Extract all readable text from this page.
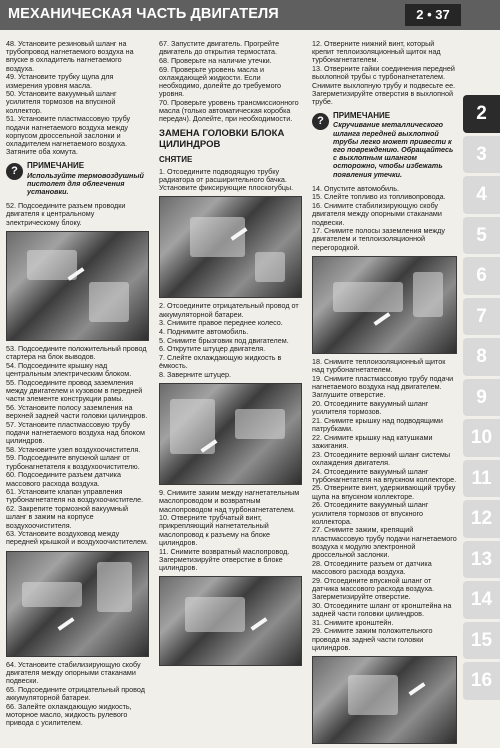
МЕХАНИЧЕСКАЯ ЧАСТЬ ДВИГАТЕЛЯ	2 • 37
48. Установите резиновый шланг на трубопровод нагнетаемого воздуха на впуске в охладитель нагнетаемого воздуха.
49. Установите трубку щупа для измерения уровня масла.
50. Установите вакуумный шланг усилителя тормозов на впускной коллектор.
51. Установите пластмассовую трубу подачи нагнетаемого воздуха между корпусом дроссельной заслонки и охладителем нагнетаемого воздуха. Затяните оба хомута.
?	ПРИМЕЧАНИЕ
Используйте термовоздушный пистолет для облегчения установки.
52. Подсоедините разъем проводки двигателя к центральному электрическому блоку.
53. Подсоедините положительный провод стартера на блок выводов.
54. Подсоедините крышку над центральным электрическим блоком.
55. Подсоедините провод заземления между двигателем и кузовом в передней части элементе конструкции рамы.
56. Установите полосу заземления на верхней задней части головки цилиндров.
57. Установите пластмассовую трубу подачи нагнетаемого воздуха над блоком цилиндров.
58. Установите узел воздухоочистителя.
59. Подсоедините впускной шланг от турбонагнетателя к воздухоочистителю.
60. Подсоедините разъем датчика массового расхода воздуха.
61. Установите клапан управления турбонагнетателя на воздухоочистителе.
62. Закрепите тормозной вакуумный шланг в зажим на корпусе воздухоочистителя.
63. Установите воздуховод между передней крышкой и воздухоочистителем.
64. Установите стабилизирующую скобу двигателя между опорными стаканами подвески.
65. Подсоедините отрицательный провод аккумуляторной батареи.
66. Залейте охлаждающую жидкость, моторное масло, жидкость рулевого привода с усилителем.
67. Запустите двигатель. Прогрейте двигатель до открытия термостата.
68. Проверьте на наличие утечки.
69. Проверьте уровень масла и охлаждающей жидкости. Если необходимо, долейте до требуемого уровня.
70. Проверьте уровень трансмиссионного масла (только автоматическая коробка передач). Долейте, при необходимости.
ЗАМЕНА ГОЛОВКИ БЛОКА ЦИЛИНДРОВ
СНЯТИЕ
1. Отсоедините подводящую трубку радиатора от расширительного бачка. Установите фиксирующие плоскогубцы.
2. Отсоедините отрицательный провод от аккумуляторной батареи.
3. Снимите правое переднее колесо.
4. Поднимите автомобиль.
5. Снимите брызговик под двигателем.
6. Открутите штуцер двигателя.
7. Слейте охлаждающую жидкость в ёмкость.
8. Заверните штуцер.
9. Снимите зажим между нагнетательным маслопроводом и возвратным маслопроводом над турбонагнетателем.
10. Отверните трубчатый винт, прикрепляющий нагнетательный маслопровод к разъему на блоке цилиндров.
11. Снимите возвратный маслопровод. Загерметизируйте отверстие в блоке цилиндров.
12. Отверните нижний винт, который крепит теплоизоляционный щиток над турбонагнетателем.
13. Отверните гайки соединения передней выхлопной трубы с турбонагнетателем. Снимите выхлопную трубу и подвесьте ее. Загерметизируйте отверстия в выхлопной трубе.
?	ПРИМЕЧАНИЕ
Скручивание металлического шланга передней выхлопной трубы легко может привести к его повреждению. Обращайтесь с выхлопным шлангом осторожно, чтобы избежать появления утечки.
14. Опустите автомобиль.
15. Слейте топливо из топливопровода.
16. Снимите стабилизирующую скобу двигателя между опорными стаканами подвески.
17. Снимите полосы заземления между двигателем и теплоизоляционной перегородкой.
18. Снимите теплоизоляционный щиток над турбонагнетателем.
19. Снимите пластмассовую трубу подачи нагнетаемого воздуха над двигателем. Заглушите отверстие.
20. Отсоедините вакуумный шланг усилителя тормозов.
21. Снимите крышку над подводящими патрубками.
22. Снимите крышку над катушками зажигания.
23. Отсоедините верхний шланг системы охлаждения двигателя.
24. Отсоедините вакуумный шланг турбонагнетателя на впускном коллекторе.
25. Отверните винт, удерживающий трубку щупа на впускном коллекторе.
26. Отсоедините вакуумный шланг усилителя тормозов от впускного коллектора.
27. Снимите зажим, крепящий пластмассовую трубу подачи нагнетаемого воздуха к модулю электронной дроссельной заслонки.
28. Отсоедините разъем от датчика массового расхода воздуха.
29. Отсоедините впускной шланг от датчика массового расхода воздуха. Загерметизируйте отверстие.
30. Отсоедините шланг от кронштейна на задней части головки цилиндров.
31. Снимите кронштейн.
29. Снимите зажим положительного провода на задней части головки цилиндров.
2
3
4
5
6
7
8
9
10
11
12
13
14
15
16
